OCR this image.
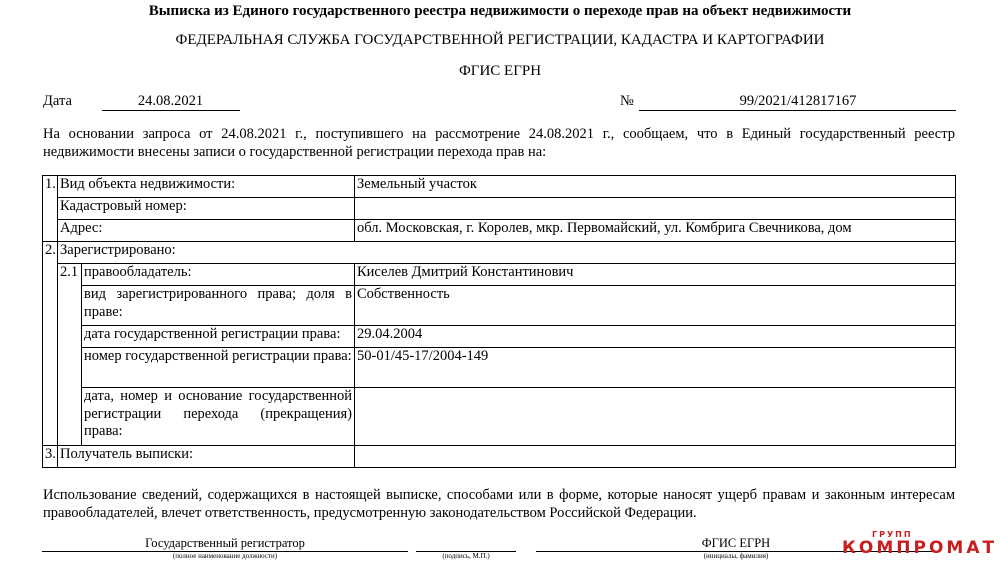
Выписка из Единого государственного реестра недвижимости о переходе прав на объект недвижимости
ФЕДЕРАЛЬНАЯ СЛУЖБА ГОСУДАРСТВЕННОЙ РЕГИСТРАЦИИ, КАДАСТРА И КАРТОГРАФИИ
ФГИС ЕГРН
Дата	24.08.2021	№	99/2021/412817167
На основании запроса от 24.08.2021 г., поступившего на рассмотрение 24.08.2021 г., сообщаем, что в Единый государственный реестр недвижимости внесены записи о государственной регистрации перехода прав на:
1.	Вид объекта недвижимости:		Земельный участок
	Кадастровый номер:		
	Адрес:		обл. Московская, г. Королев, мкр. Первомайский, ул. Комбрига Свечникова, дом
2.	Зарегистрировано:		
	2.1	правообладатель:	Киселев Дмитрий Константинович
		вид зарегистрированного права; доля в праве:	Собственность
		дата государственной регистрации права:	29.04.2004
		номер государственной регистрации права:	50-01/45-17/2004-149
		дата, номер и основание государственной регистрации перехода (прекращения) права:	
3.	Получатель выписки:		
Использование сведений, содержащихся в настоящей выписке, способами или в форме, которые наносят ущерб правам и законным интересам правообладателей, влечет ответственность, предусмотренную законодательством Российской Федерации.
Государственный регистратор
(полное наименование должности)	(подпись, М.П.)
ФГИС ЕГРН
(инициалы, фамилия)
ГРУПП
КОМПРОМАТ
